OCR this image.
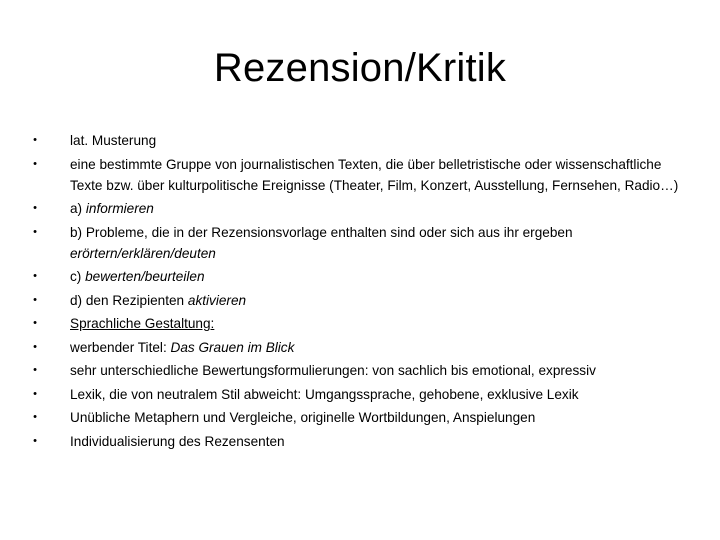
Rezension/Kritik
• lat. Musterung
• eine bestimmte Gruppe von journalistischen Texten, die über belletristische oder wissenschaftliche Texte bzw. über kulturpolitische Ereignisse (Theater, Film, Konzert, Ausstellung, Fernsehen, Radio…)
• a) informieren
• b) Probleme, die in der Rezensionsvorlage enthalten sind oder sich aus ihr ergeben erörtern/erklären/deuten
• c) bewerten/beurteilen
• d) den Rezipienten aktivieren
• Sprachliche Gestaltung:
• werbender Titel: Das Grauen im Blick
• sehr unterschiedliche Bewertungsformulierungen: von sachlich bis emotional, expressiv
• Lexik, die von neutralem Stil abweicht: Umgangssprache, gehobene, exklusive Lexik
• Unübliche Metaphern und Vergleiche, originelle Wortbildungen, Anspielungen
• Individualisierung des Rezensenten
